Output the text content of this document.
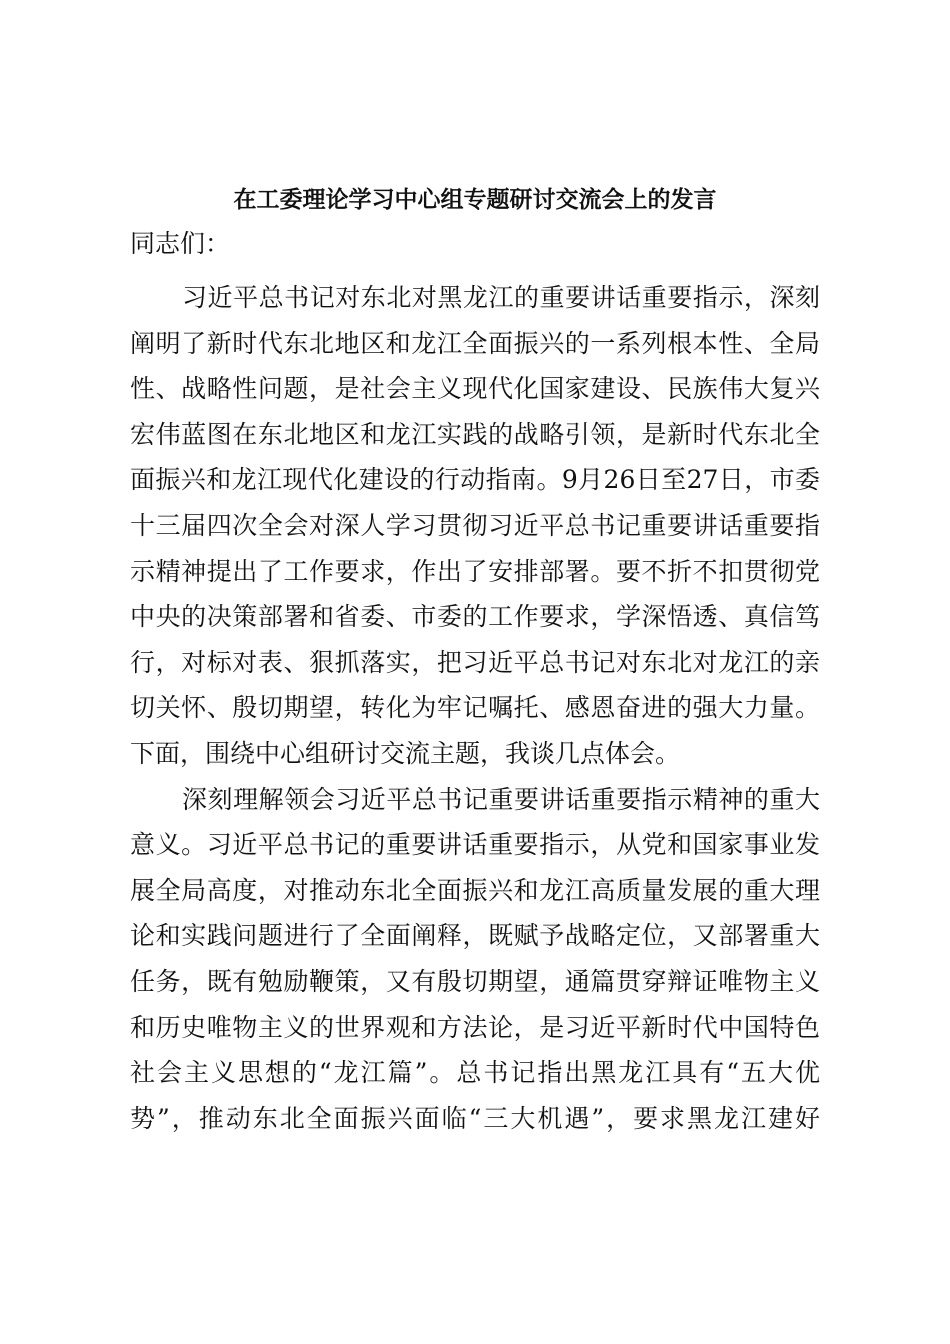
在工委理论学习中心组专题研讨交流会上的发言
同志们：
习近平总书记对东北对黑龙江的重要讲话重要指示，深刻
阐明了新时代东北地区和龙江全面振兴的一系列根本性、全局
性、战略性问题，是社会主义现代化国家建设、民族伟大复兴
宏伟蓝图在东北地区和龙江实践的战略引领，是新时代东北全
面振兴和龙江现代化建设的行动指南。9月26日至27日，市委
十三届四次全会对深人学习贯彻习近平总书记重要讲话重要指
示精神提出了工作要求，作出了安排部署。要不折不扣贯彻党
中央的决策部署和省委、市委的工作要求，学深悟透、真信笃
行，对标对表、狠抓落实，把习近平总书记对东北对龙江的亲
切关怀、殷切期望，转化为牢记嘱托、感恩奋进的强大力量。
下面，围绕中心组研讨交流主题，我谈几点体会。
深刻理解领会习近平总书记重要讲话重要指示精神的重大
意义。习近平总书记的重要讲话重要指示，从党和国家事业发
展全局高度，对推动东北全面振兴和龙江高质量发展的重大理
论和实践问题进行了全面阐释，既赋予战略定位，又部署重大
任务，既有勉励鞭策，又有殷切期望，通篇贯穿辩证唯物主义
和历史唯物主义的世界观和方法论，是习近平新时代中国特色
社会主义思想的“龙江篇”。总书记指出黑龙江具有“五大优
势”，推动东北全面振兴面临“三大机遇”，要求黑龙江建好
